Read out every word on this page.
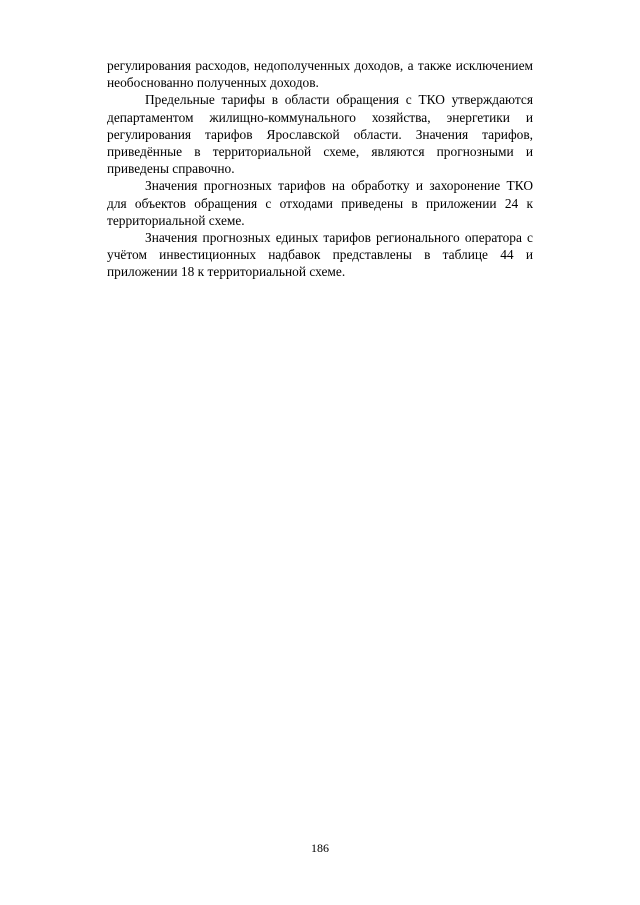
регулирования расходов, недополученных доходов, а также исключением необоснованно полученных доходов.

Предельные тарифы в области обращения с ТКО утверждаются департаментом жилищно-коммунального хозяйства, энергетики и регулирования тарифов Ярославской области. Значения тарифов, приведённые в территориальной схеме, являются прогнозными и приведены справочно.

Значения прогнозных тарифов на обработку и захоронение ТКО для объектов обращения с отходами приведены в приложении 24 к территориальной схеме.

Значения прогнозных единых тарифов регионального оператора с учётом инвестиционных надбавок представлены в таблице 44 и приложении 18 к территориальной схеме.

186
